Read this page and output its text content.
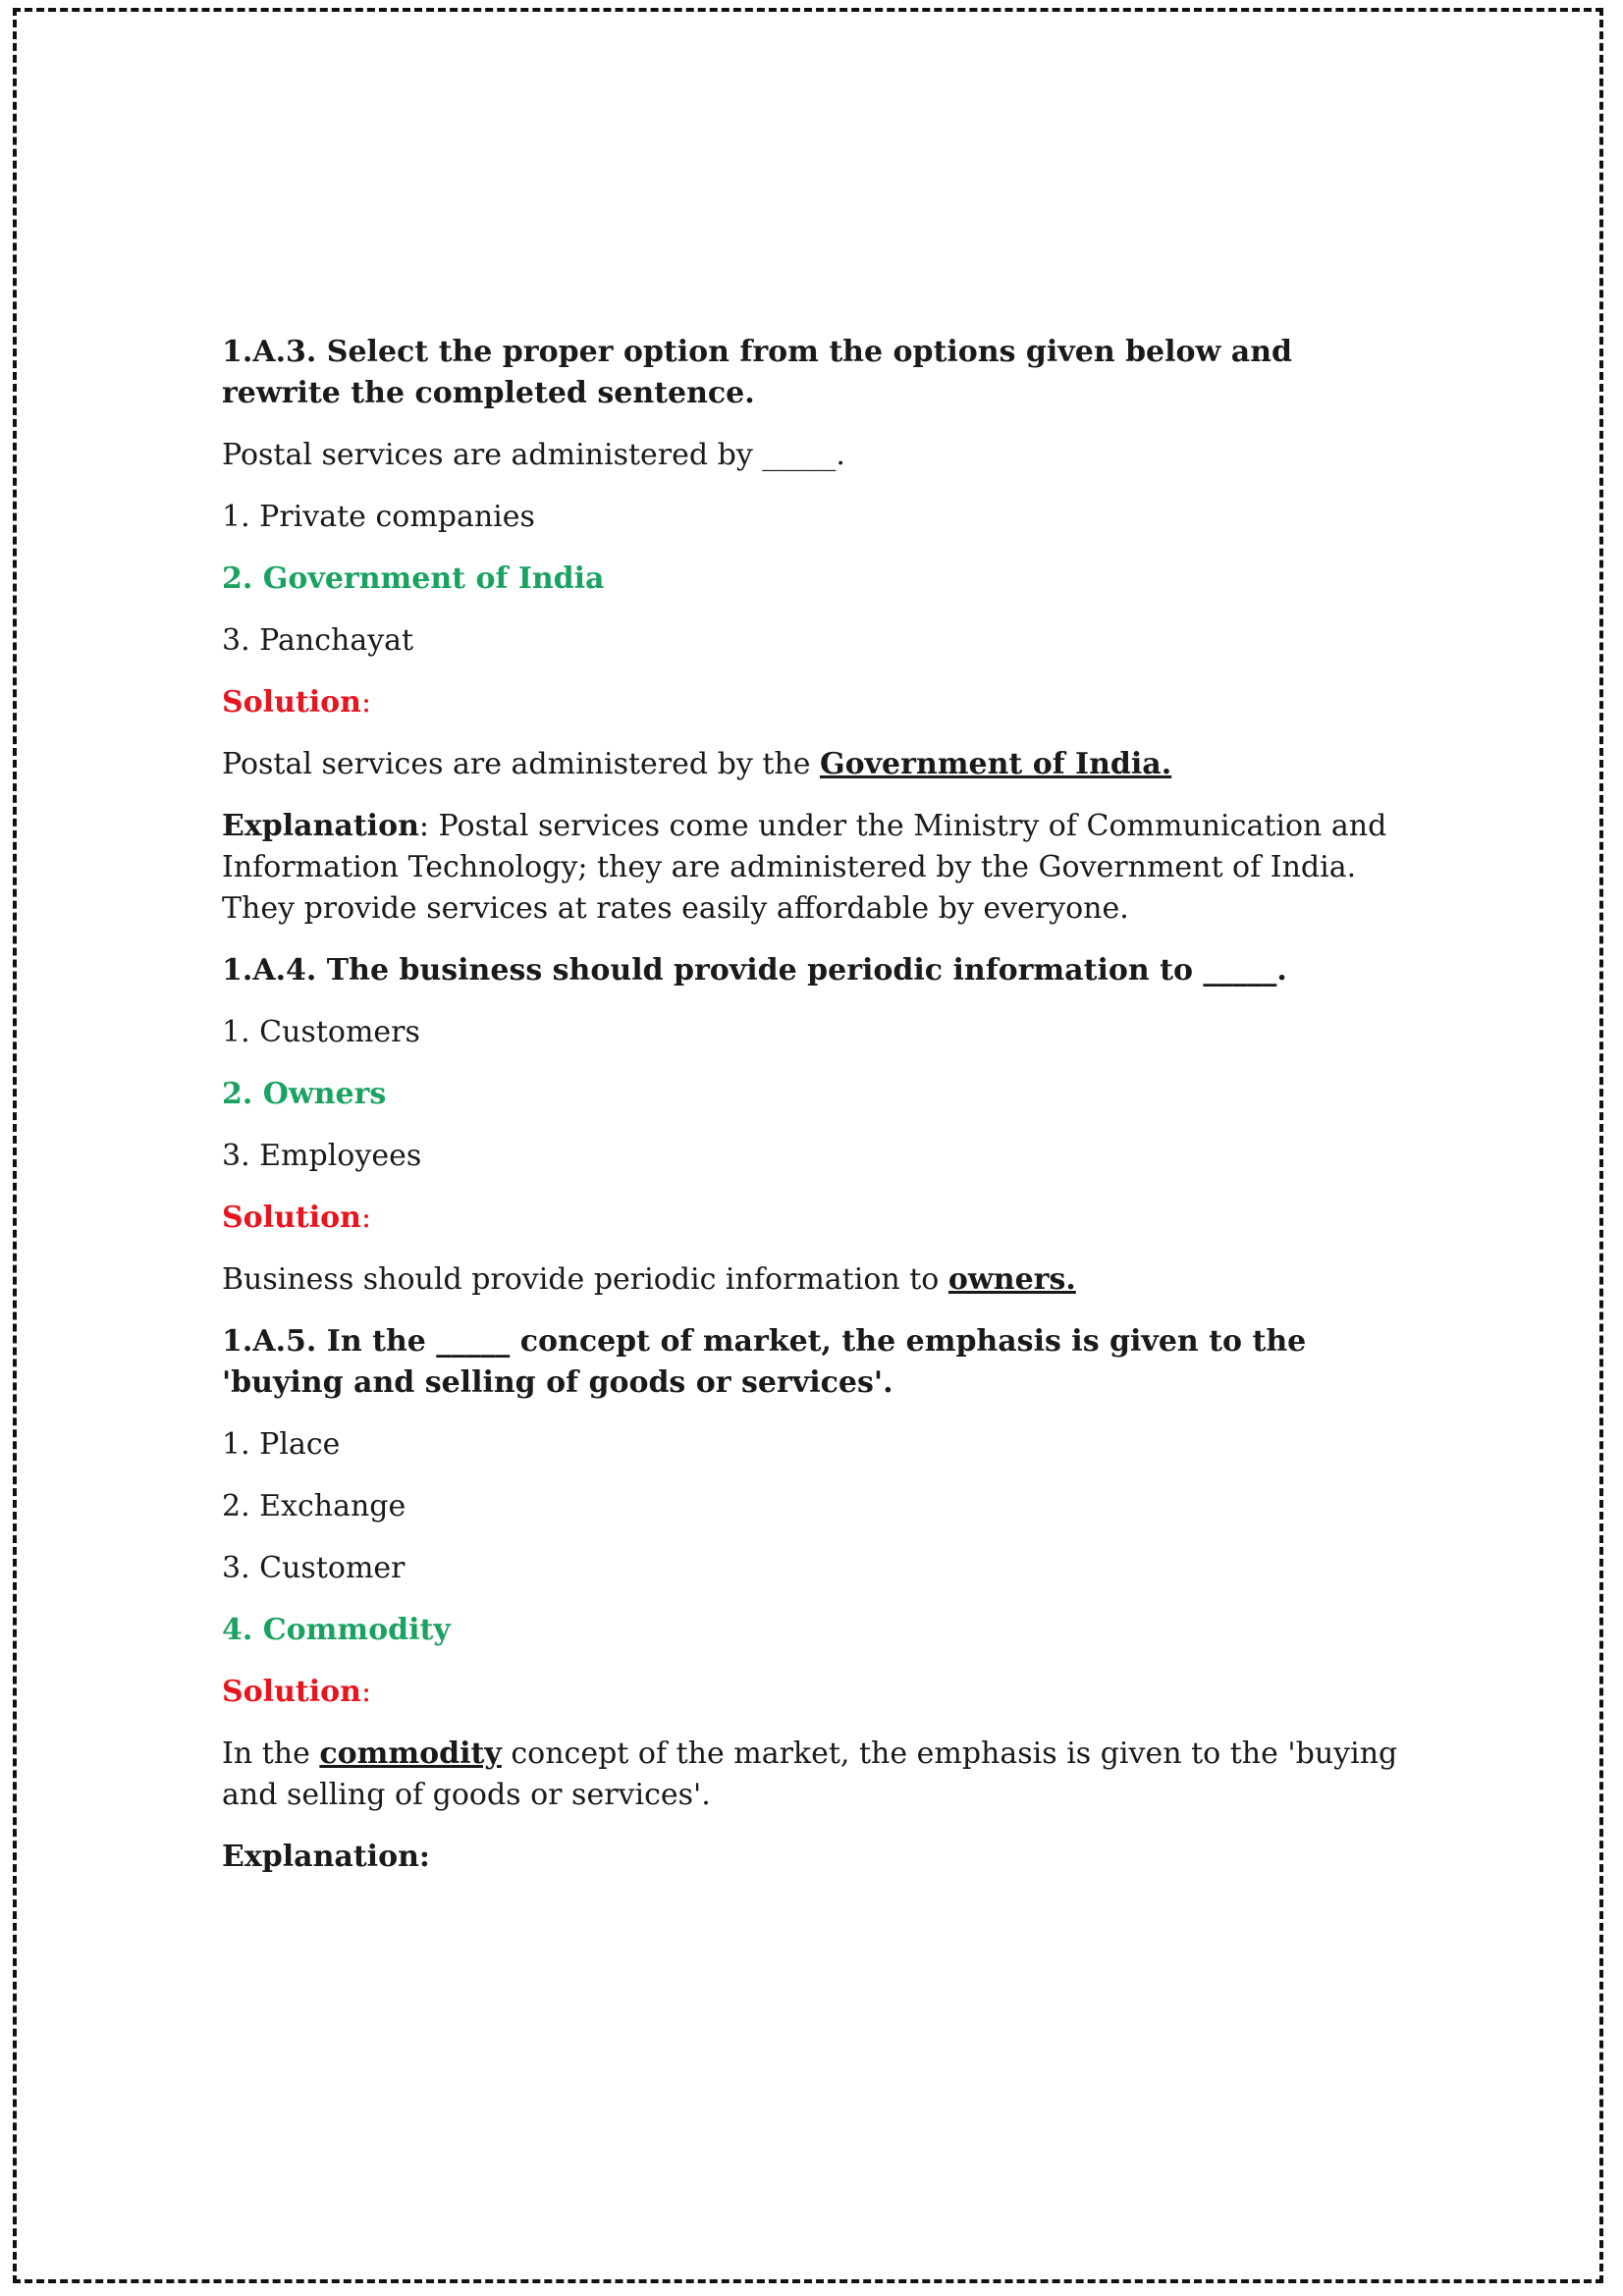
1.A.3. Select the proper option from the options given below and rewrite the completed sentence.

Postal services are administered by _____.

1. Private companies

2. Government of India

3. Panchayat

Solution:

Postal services are administered by the Government of India.

Explanation: Postal services come under the Ministry of Communication and Information Technology; they are administered by the Government of India. They provide services at rates easily affordable by everyone.

1.A.4. The business should provide periodic information to _____.

1. Customers

2. Owners

3. Employees

Solution:

Business should provide periodic information to owners.

1.A.5. In the _____ concept of market, the emphasis is given to the 'buying and selling of goods or services'.

1. Place

2. Exchange

3. Customer

4. Commodity

Solution:

In the commodity concept of the market, the emphasis is given to the 'buying and selling of goods or services'.

Explanation:
